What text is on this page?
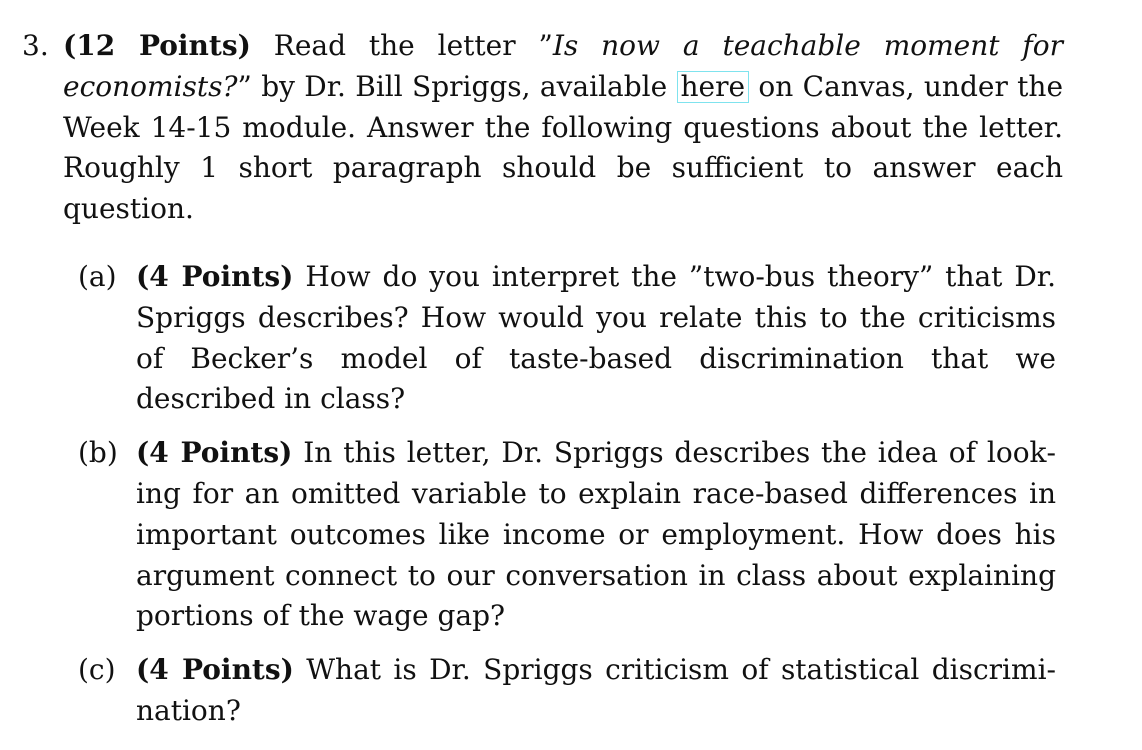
3. (12 Points) Read the letter ”Is now a teachable moment for economists?” by Dr. Bill Spriggs, available here on Canvas, under the Week 14-15 module. Answer the following questions about the letter. Roughly 1 short paragraph should be sufficient to answer each question.
(a) (4 Points) How do you interpret the ”two-bus theory” that Dr. Spriggs describes? How would you relate this to the criticisms of Becker’s model of taste-based discrimination that we described in class?
(b) (4 Points) In this letter, Dr. Spriggs describes the idea of looking for an omitted variable to explain race-based differences in important outcomes like income or employment. How does his argument connect to our conversation in class about explaining portions of the wage gap?
(c) (4 Points) What is Dr. Spriggs criticism of statistical discrimination?
